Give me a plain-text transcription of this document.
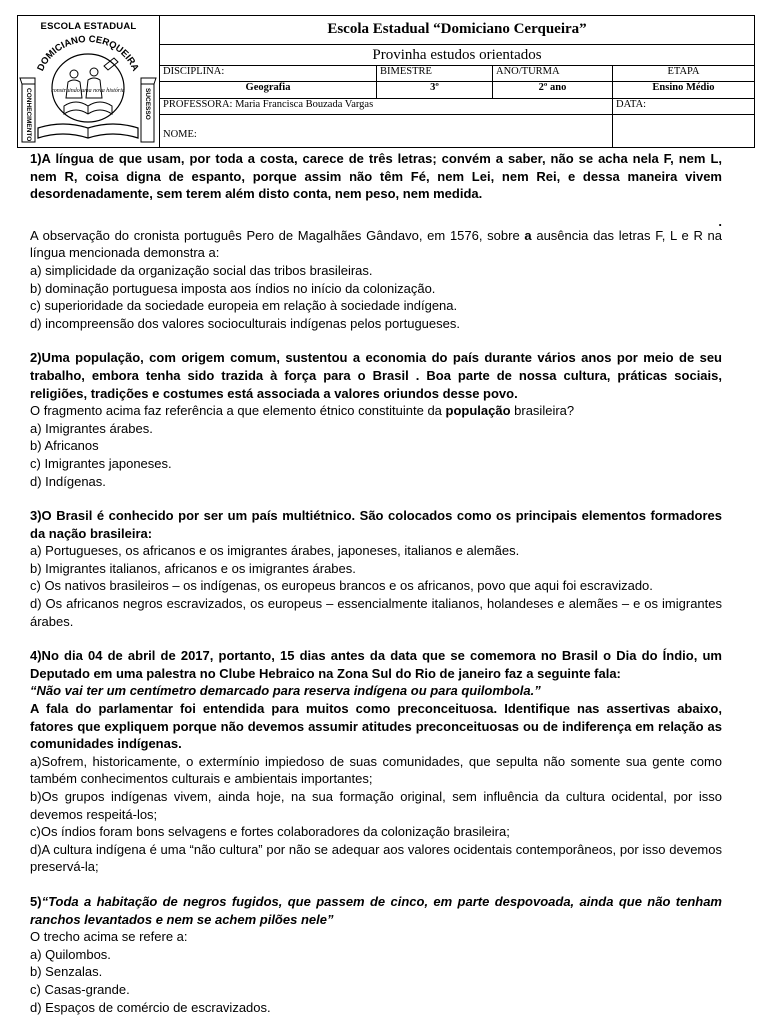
DOMICIANO CERQUEIRA
construindo uma nova história
CONHECIMENTO	SUCESSO
ESCOLA ESTADUAL	Escola Estadual “Domiciano Cerqueira”
Provinha estudos orientados
DISCIPLINA:	BIMESTRE	ANO/TURMA	ETAPA
Geografia	3º	2º ano	Ensino Médio
PROFESSORA: Maria Francisca Bouzada Vargas	DATA:
NOME:
1)A língua de que usam, por toda a costa, carece de três letras; convém a saber, não se acha nela F, nem L, nem R, coisa digna de espanto, porque assim não têm Fé, nem Lei, nem Rei, e dessa maneira vivem desordenadamente, sem terem além disto conta, nem peso, nem medida.
.
A observação do cronista português Pero de Magalhães Gândavo, em 1576, sobre a ausência das letras F, L e R na língua mencionada demonstra a:
a) simplicidade da organização social das tribos brasileiras.
b) dominação portuguesa imposta aos índios no início da colonização.
c) superioridade da sociedade europeia em relação à sociedade indígena.
d) incompreensão dos valores socioculturais indígenas pelos portugueses.
2)Uma população, com origem comum, sustentou a economia do país durante vários anos por meio de seu trabalho, embora tenha sido trazida à força para o Brasil . Boa parte de nossa cultura, práticas sociais, religiões, tradições e costumes está associada a valores oriundos desse povo.
O fragmento acima faz referência a que elemento étnico constituinte da população brasileira?
a) Imigrantes árabes.
b) Africanos
c) Imigrantes japoneses.
d) Indígenas.
3)O Brasil é conhecido por ser um país multiétnico. São colocados como os principais elementos formadores da nação brasileira:
a) Portugueses, os africanos e os imigrantes árabes, japoneses, italianos e alemães.
b) Imigrantes italianos, africanos e os imigrantes árabes.
c) Os nativos brasileiros – os indígenas, os europeus brancos e os africanos, povo que aqui foi escravizado.
d) Os africanos negros escravizados, os europeus – essencialmente italianos, holandeses e alemães – e os imigrantes árabes.
4)No dia 04 de abril de 2017, portanto, 15 dias antes da data que se comemora no Brasil o Dia do Índio, um Deputado em uma palestra no Clube Hebraico na Zona Sul do Rio de janeiro faz a seguinte fala:
“Não vai ter um centímetro demarcado para reserva indígena ou para quilombola.”
A fala do parlamentar foi entendida para muitos como preconceituosa. Identifique nas assertivas abaixo, fatores que expliquem porque não devemos assumir atitudes preconceituosas ou de indiferença em relação as comunidades indígenas.
a)Sofrem, historicamente, o extermínio impiedoso de suas comunidades, que sepulta não somente sua gente como também conhecimentos culturais e ambientais importantes;
b)Os grupos indígenas vivem, ainda hoje, na sua formação original, sem influência da cultura ocidental, por isso devemos respeitá-los;
c)Os índios foram bons selvagens e fortes colaboradores da colonização brasileira;
d)A cultura indígena é uma “não cultura” por não se adequar aos valores ocidentais contemporâneos, por isso devemos preservá-la;
5)“Toda a habitação de negros fugidos, que passem de cinco, em parte despovoada, ainda que não tenham ranchos levantados e nem se achem pilões nele”
O trecho acima se refere a:
a) Quilombos.
b) Senzalas.
c) Casas-grande.
d) Espaços de comércio de escravizados.
